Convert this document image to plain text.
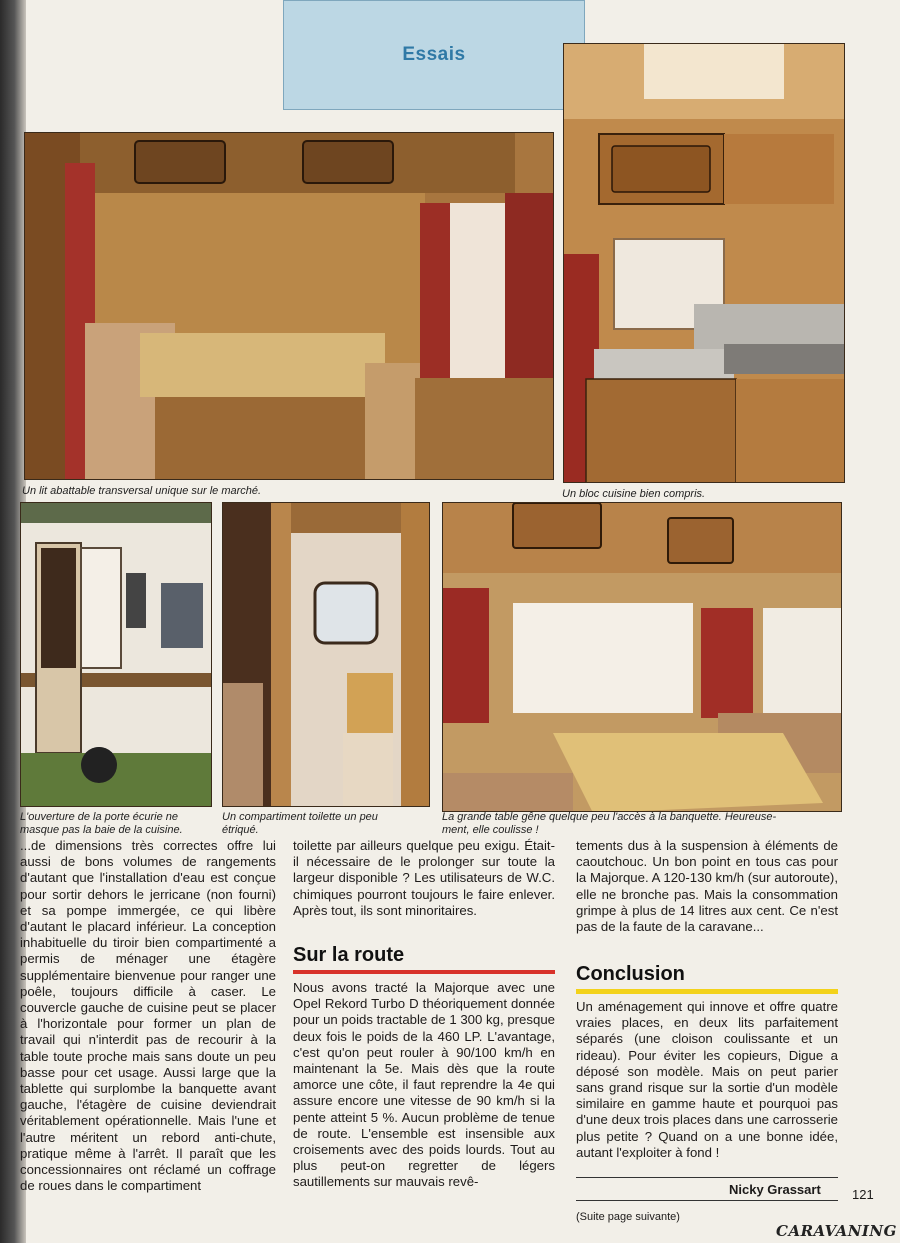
Essais
Un lit abattable transversal unique sur le marché.	Un bloc cuisine bien compris.
L'ouverture de la porte écurie ne
masque pas la baie de la cuisine.
Un compartiment toilette un peu
étriqué.
La grande table gêne quelque peu l'accès à la banquette. Heureuse-
ment, elle coulisse !

...de dimensions très correctes offre lui aussi de bons volumes de rangements d'autant que l'installation d'eau est conçue pour sortir dehors le jerricane (non fourni) et sa pompe immergée, ce qui libère d'autant le placard inférieur. La conception inhabituelle du tiroir bien compartimenté a permis de ménager une étagère supplémentaire bienvenue pour ranger une poêle, toujours difficile à caser. Le couvercle gauche de cuisine peut se placer à l'horizontale pour former un plan de travail qui n'interdit pas de recourir à la table toute proche mais sans doute un peu basse pour cet usage. Aussi large que la tablette qui surplombe la banquette avant gauche, l'étagère de cuisine deviendrait véritablement opérationnelle. Mais l'une et l'autre méritent un rebord anti-chute, pratique même à l'arrêt. Il paraît que les concessionnaires ont réclamé un coffrage de roues dans le compartiment

toilette par ailleurs quelque peu exigu. Était-il nécessaire de le prolonger sur toute la largeur disponible ? Les utilisateurs de W.C. chimiques pourront toujours le faire enlever. Après tout, ils sont minoritaires.

Sur la route

Nous avons tracté la Majorque avec une Opel Rekord Turbo D théoriquement donnée pour un poids tractable de 1 300 kg, presque deux fois le poids de la 460 LP. L'avantage, c'est qu'on peut rouler à 90/100 km/h en maintenant la 5e. Mais dès que la route amorce une côte, il faut reprendre la 4e qui assure encore une vitesse de 90 km/h si la pente atteint 5 %. Aucun problème de tenue de route. L'ensemble est insensible aux croisements avec des poids lourds. Tout au plus peut-on regretter de légers sautillements sur mauvais revê-

tements dus à la suspension à éléments de caoutchouc. Un bon point en tous cas pour la Majorque. A 120-130 km/h (sur autoroute), elle ne bronche pas. Mais la consommation grimpe à plus de 14 litres aux cent. Ce n'est pas de la faute de la caravane...

Conclusion

Un aménagement qui innove et offre quatre vraies places, en deux lits parfaitement séparés (une cloison coulissante et un rideau). Pour éviter les copieurs, Digue a déposé son modèle. Mais on peut parier sans grand risque sur la sortie d'un modèle similaire en gamme haute et pourquoi pas d'une deux trois places dans une carrosserie plus petite ? Quand on a une bonne idée, autant l'exploiter à fond !

Nicky Grassart 121
(Suite page suivante)
CARAVANING
